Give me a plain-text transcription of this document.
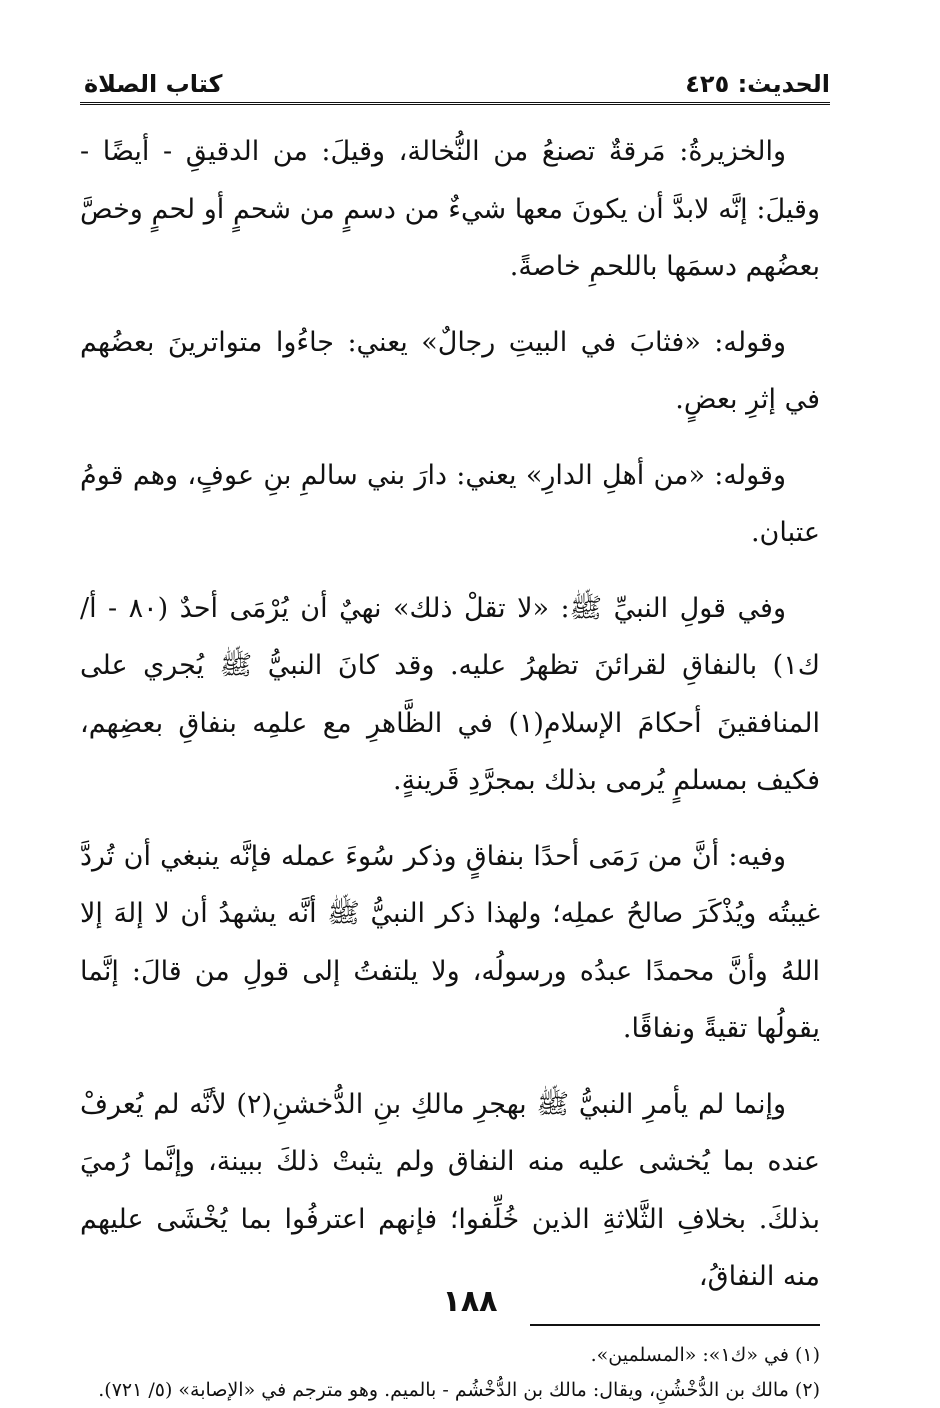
الحديث: ٤٢٥
كتاب الصلاة

والخزيرةُ: مَرقةٌ تصنعُ من النُّخالة، وقيلَ: من الدقيقِ - أيضًا - وقيلَ: إنَّه لابدَّ أن يكونَ معها شيءٌ من دسمٍ من شحمٍ أو لحمٍ وخصَّ بعضُهم دسمَها باللحمِ خاصةً.

وقوله: «فثابَ في البيتِ رجالٌ» يعني: جاءُوا متواترينَ بعضُهم في إثرِ بعضٍ.

وقوله: «من أهلِ الدارِ» يعني: دارَ بني سالمِ بنِ عوفٍ، وهم قومُ عتبان.

وفي قولِ النبيِّ ﷺ: «لا تقلْ ذلك» نهيٌ أن يُرْمَى أحدٌ (٨٠ - أ/ ك١) بالنفاقِ لقرائنَ تظهرُ عليه. وقد كانَ النبيُّ ﷺ يُجري على المنافقينَ أحكامَ الإسلامِ(١) في الظَّاهرِ مع علمِه بنفاقِ بعضِهم، فكيف بمسلمٍ يُرمى بذلك بمجرَّدِ قَرينةٍ.

وفيه: أنَّ من رَمَى أحدًا بنفاقٍ وذكر سُوءَ عمله فإنَّه ينبغي أن تُردَّ غيبتُه ويُذْكَرَ صالحُ عملِه؛ ولهذا ذكر النبيُّ ﷺ أنَّه يشهدُ أن لا إلهَ إلا اللهُ وأنَّ محمدًا عبدُه ورسولُه، ولا يلتفتُ إلى قولِ من قالَ: إنَّما يقولُها تقيةً ونفاقًا.

وإنما لم يأمرِ النبيُّ ﷺ بهجرِ مالكِ بنِ الدُّخشنِ(٢) لأنَّه لم يُعرفْ عنده بما يُخشى عليه منه النفاق ولم يثبتْ ذلكَ ببينة، وإنَّما رُميَ بذلكَ. بخلافِ الثَّلاثةِ الذين خُلِّفوا؛ فإنهم اعترفُوا بما يُخْشَى عليهم منه النفاقُ،

(١) في «ك١»: «المسلمين».

(٢) مالك بن الدُّخْشُنِ، ويقال: مالك بن الدُّخْشُم - بالميم. وهو مترجم في «الإصابة» (٥/ ٧٢١).

١٨٨
